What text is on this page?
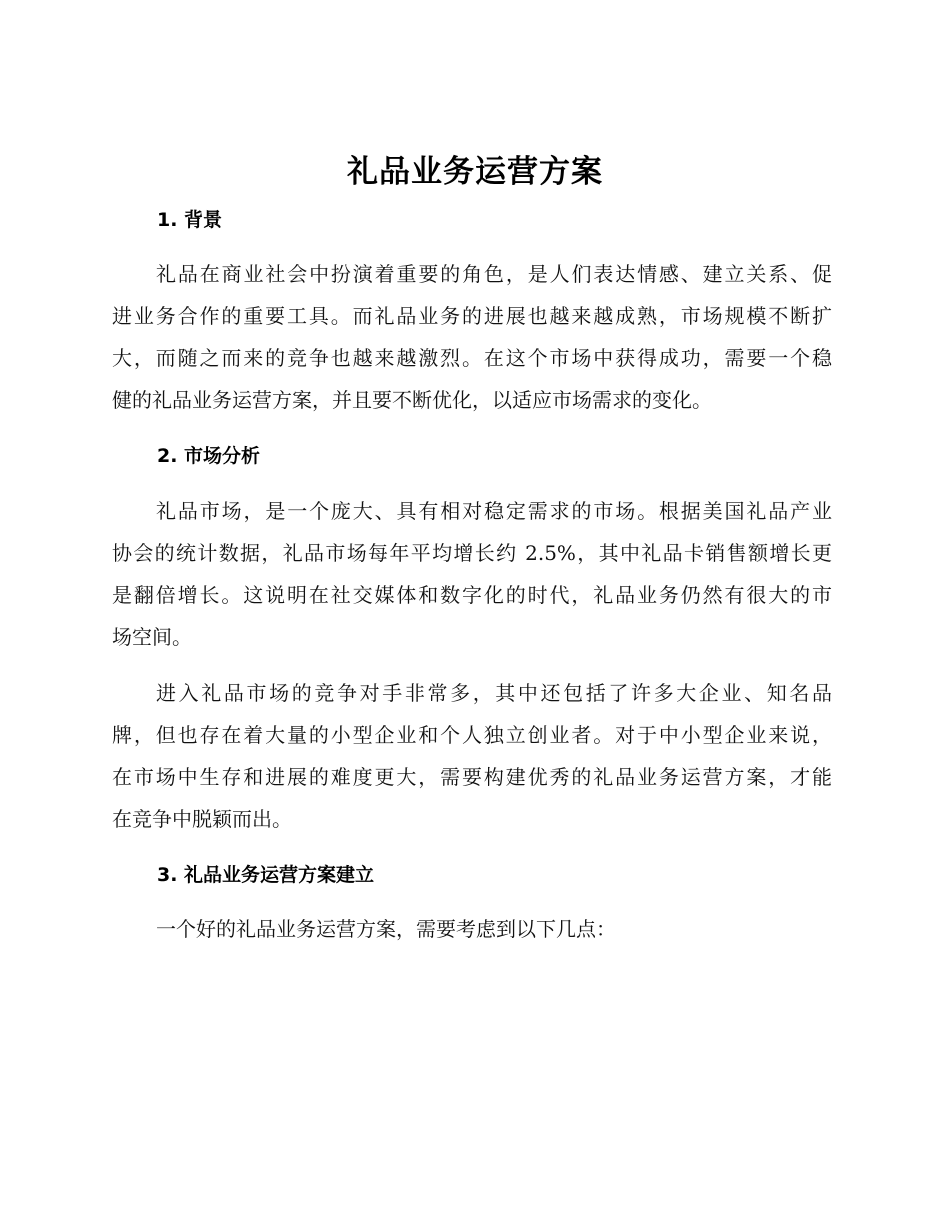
礼品业务运营方案
1. 背景
礼品在商业社会中扮演着重要的角色，是人们表达情感、建立关系、促
进业务合作的重要工具。而礼品业务的进展也越来越成熟，市场规模不断扩
大，而随之而来的竞争也越来越激烈。在这个市场中获得成功，需要一个稳
健的礼品业务运营方案，并且要不断优化，以适应市场需求的变化。
2. 市场分析
礼品市场，是一个庞大、具有相对稳定需求的市场。根据美国礼品产业
协会的统计数据，礼品市场每年平均增长约 2.5%，其中礼品卡销售额增长更
是翻倍增长。这说明在社交媒体和数字化的时代，礼品业务仍然有很大的市
场空间。
进入礼品市场的竞争对手非常多，其中还包括了许多大企业、知名品
牌，但也存在着大量的小型企业和个人独立创业者。对于中小型企业来说，
在市场中生存和进展的难度更大，需要构建优秀的礼品业务运营方案，才能
在竞争中脱颖而出。
3. 礼品业务运营方案建立
一个好的礼品业务运营方案，需要考虑到以下几点：
